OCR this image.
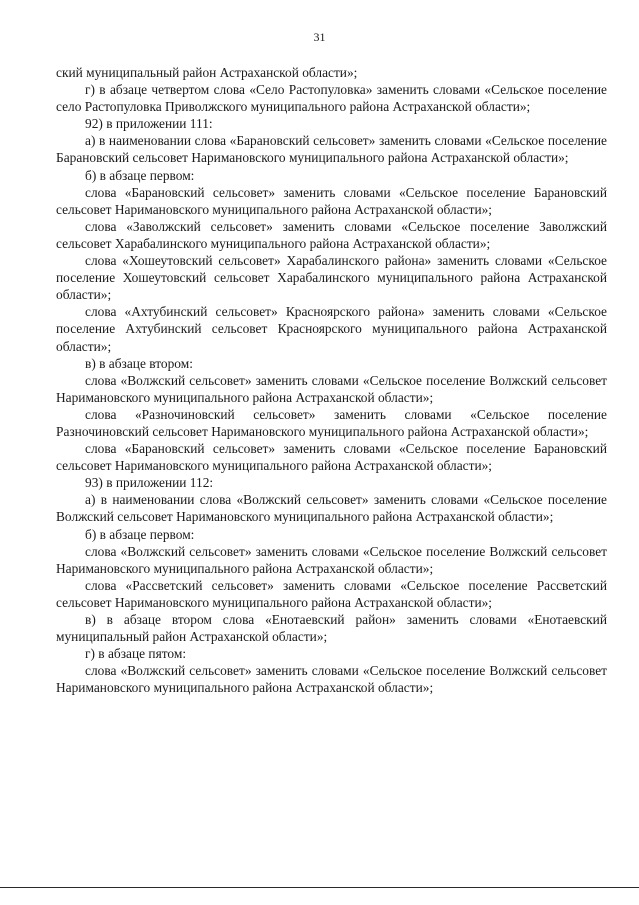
31

ский муниципальный район Астраханской области»;

г) в абзаце четвертом слова «Село Растопуловка» заменить словами «Сельское поселение село Растопуловка Приволжского муниципального района Астраханской области»;

92) в приложении 111:

а) в наименовании слова «Барановский сельсовет» заменить словами «Сельское поселение Барановский сельсовет Наримановского муниципального района Астраханской области»;

б) в абзаце первом:

слова «Барановский сельсовет» заменить словами «Сельское поселение Барановский сельсовет Наримановского муниципального района Астраханской области»;

слова «Заволжский сельсовет» заменить словами «Сельское поселение Заволжский сельсовет Харабалинского муниципального района Астраханской области»;

слова «Хошеутовский сельсовет» Харабалинского района» заменить словами «Сельское поселение Хошеутовский сельсовет Харабалинского муниципального района Астраханской области»;

слова «Ахтубинский сельсовет» Красноярского района» заменить словами «Сельское поселение Ахтубинский сельсовет Красноярского муниципального района Астраханской области»;

в) в абзаце втором:

слова «Волжский сельсовет» заменить словами «Сельское поселение Волжский сельсовет Наримановского муниципального района Астраханской области»;

слова «Разночиновский сельсовет» заменить словами «Сельское поселение Разночиновский сельсовет Наримановского муниципального района Астраханской области»;

слова «Барановский сельсовет» заменить словами «Сельское поселение Барановский сельсовет Наримановского муниципального района Астраханской области»;

93) в приложении 112:

а) в наименовании слова «Волжский сельсовет» заменить словами «Сельское поселение Волжский сельсовет Наримановского муниципального района Астраханской области»;

б) в абзаце первом:

слова «Волжский сельсовет» заменить словами «Сельское поселение Волжский сельсовет Наримановского муниципального района Астраханской области»;

слова «Рассветский сельсовет» заменить словами «Сельское поселение Рассветский сельсовет Наримановского муниципального района Астраханской области»;

в) в абзаце втором слова «Енотаевский район» заменить словами «Енотаевский муниципальный район Астраханской области»;

г) в абзаце пятом:

слова «Волжский сельсовет» заменить словами «Сельское поселение Волжский сельсовет Наримановского муниципального района Астраханской области»;
